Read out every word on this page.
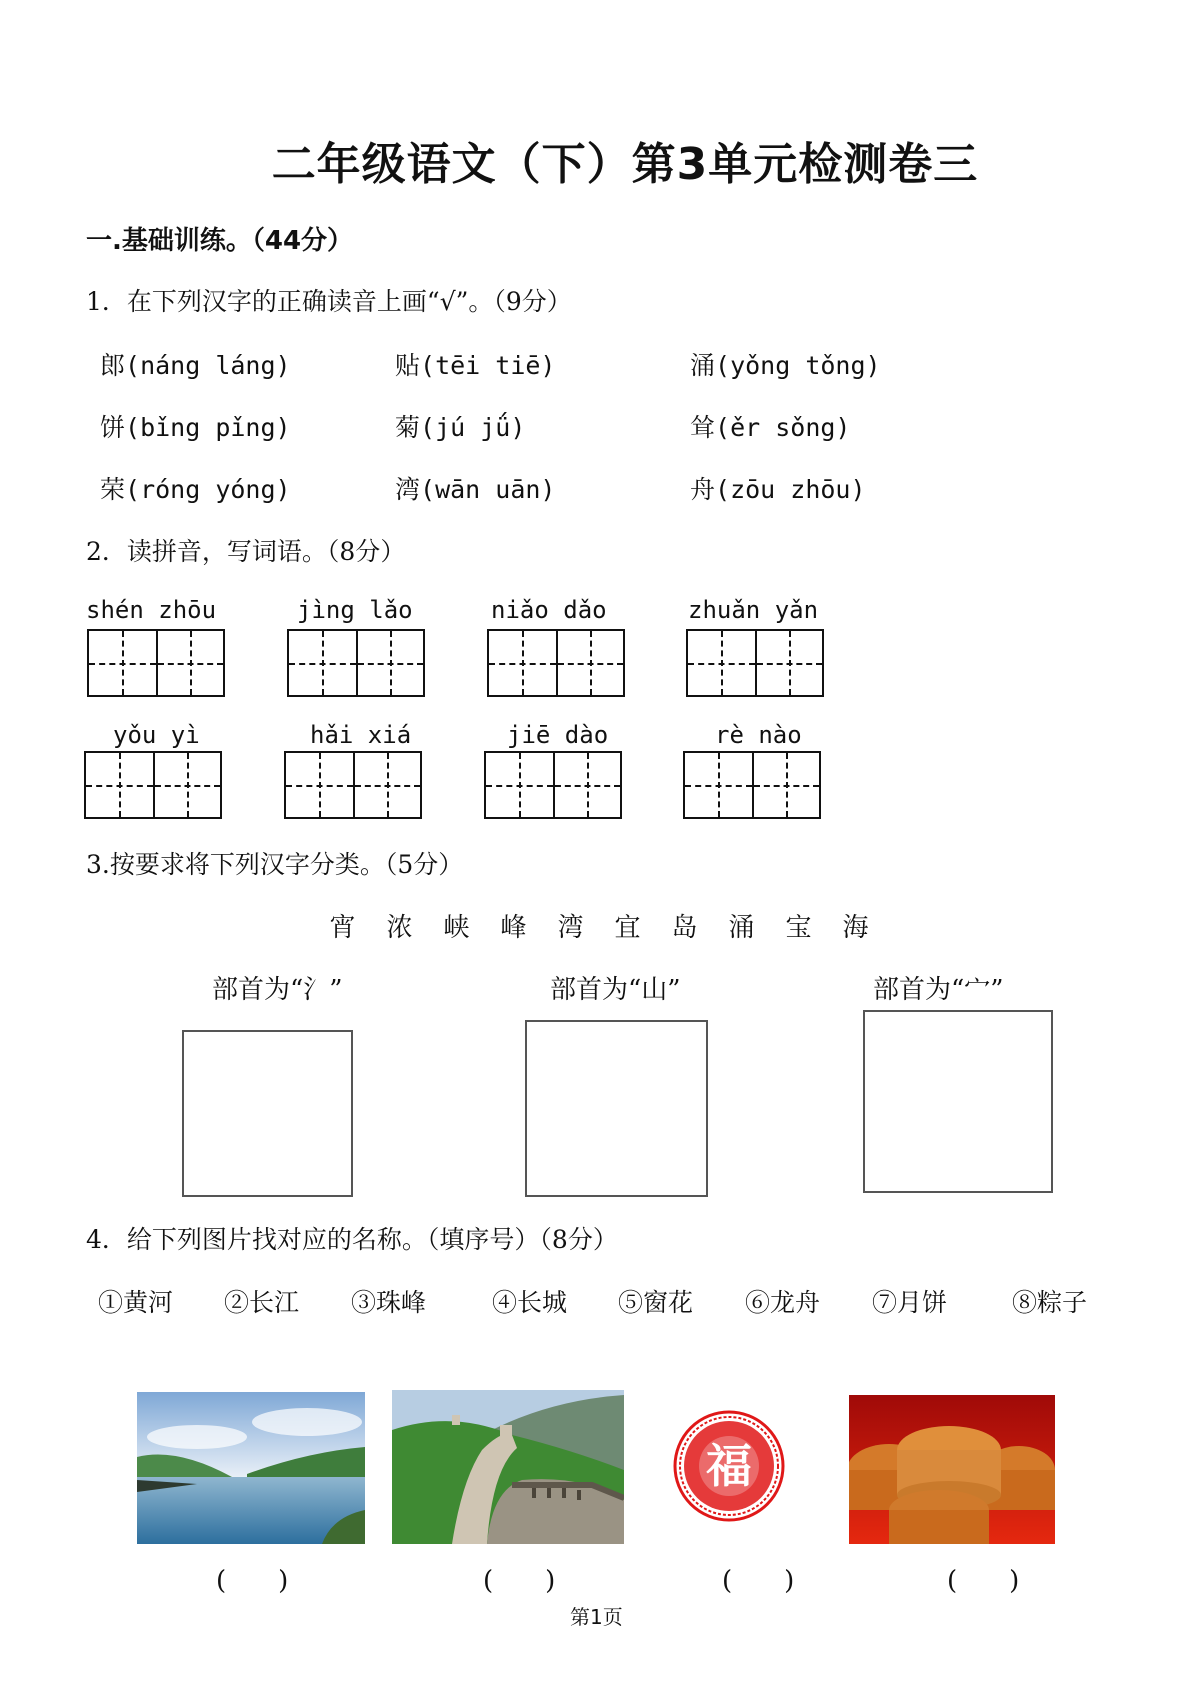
二年级语文（下）第3单元检测卷三
一.基础训练。（44分）
1．在下列汉字的正确读音上画“√”。（9分）
郎(náng láng)	贴(tēi tiē)	涌(yǒng tǒng)
饼(bǐng pǐng)	菊(jú jǘ)	耸(ěr sǒng)
荣(róng yóng)	湾(wān uān)	舟(zōu zhōu)
2．读拼音，写词语。（8分）
shén zhōu	jìng lǎo	niǎo dǎo	zhuǎn yǎn
yǒu yì	hǎi xiá	jiē dào	rè nào
3.按要求将下列汉字分类。（5分）
宵 浓 峡 峰 湾 宜 岛 涌 宝 海
部首为“氵”	部首为“山”	部首为“宀”
4．给下列图片找对应的名称。（填序号）（8分）
①黄河 ②长江 ③珠峰	④长城 ⑤窗花 ⑥龙舟 ⑦月饼	⑧粽子
福
(　　)	(　　)	(　　)	(　　)
第1页
